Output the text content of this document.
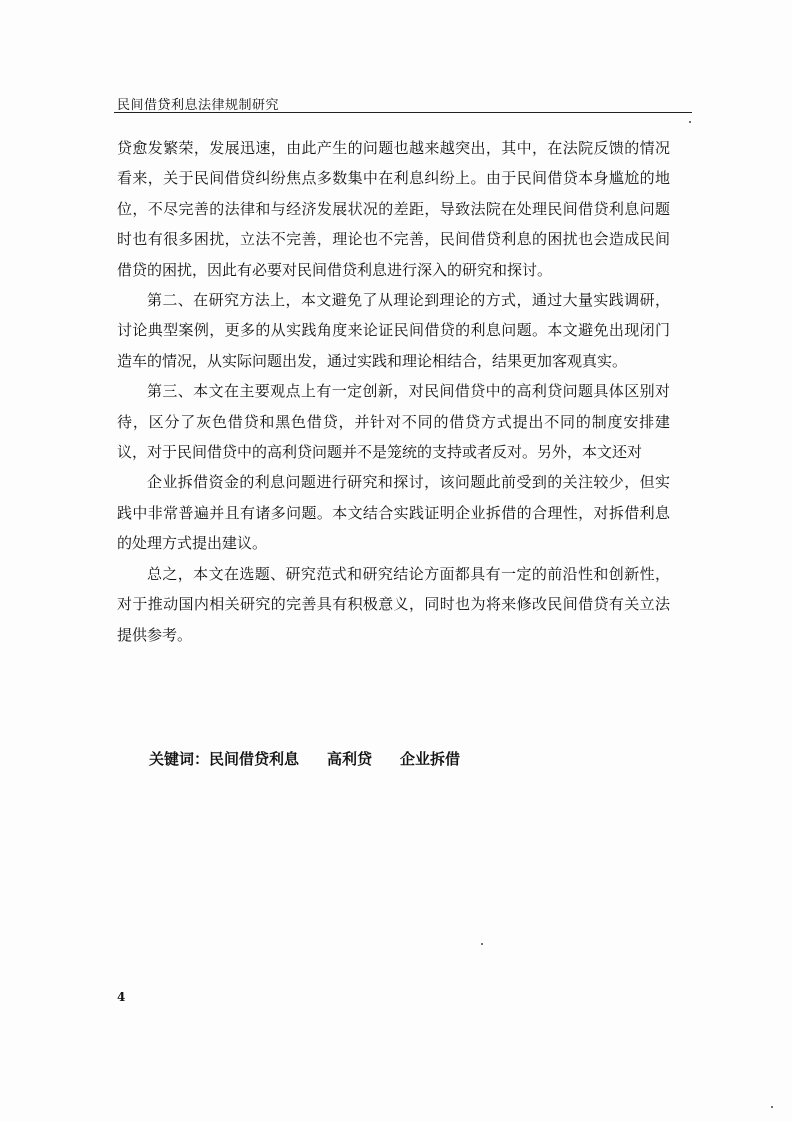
民间借贷利息法律规制研究

贷愈发繁荣，发展迅速，由此产生的问题也越来越突出，其中，在法院反馈的情况看来，关于民间借贷纠纷焦点多数集中在利息纠纷上。由于民间借贷本身尴尬的地位，不尽完善的法律和与经济发展状况的差距，导致法院在处理民间借贷利息问题时也有很多困扰，立法不完善，理论也不完善，民间借贷利息的困扰也会造成民间借贷的困扰，因此有必要对民间借贷利息进行深入的研究和探讨。

第二、在研究方法上，本文避免了从理论到理论的方式，通过大量实践调研，讨论典型案例，更多的从实践角度来论证民间借贷的利息问题。本文避免出现闭门造车的情况，从实际问题出发，通过实践和理论相结合，结果更加客观真实。

第三、本文在主要观点上有一定创新，对民间借贷中的高利贷问题具体区别对待，区分了灰色借贷和黑色借贷，并针对不同的借贷方式提出不同的制度安排建议，对于民间借贷中的高利贷问题并不是笼统的支持或者反对。另外，本文还对

企业拆借资金的利息问题进行研究和探讨，该问题此前受到的关注较少，但实践中非常普遍并且有诸多问题。本文结合实践证明企业拆借的合理性，对拆借利息的处理方式提出建议。

总之，本文在选题、研究范式和研究结论方面都具有一定的前沿性和创新性，对于推动国内相关研究的完善具有积极意义，同时也为将来修改民间借贷有关立法提供参考。

关键词：民间借贷利息 高利贷 企业拆借
4
